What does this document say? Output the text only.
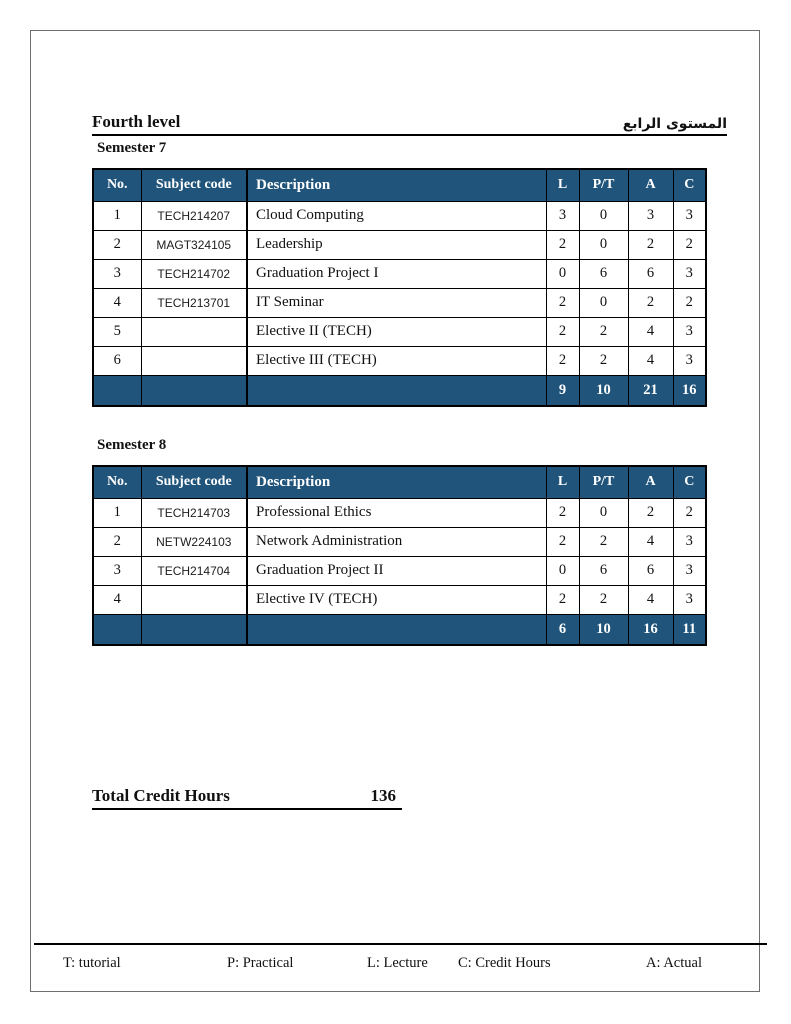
Fourth level	المستوى الرابع
Semester 7
No.	Subject code	Description	L	P/T	A	C
1	TECH214207	Cloud Computing	3	0	3	3
2	MAGT324105	Leadership	2	0	2	2
3	TECH214702	Graduation Project I	0	6	6	3
4	TECH213701	IT Seminar	2	0	2	2
5		Elective II (TECH)	2	2	4	3
6		Elective III (TECH)	2	2	4	3
			9	10	21	16
Semester 8
No.	Subject code	Description	L	P/T	A	C
1	TECH214703	Professional Ethics	2	0	2	2
2	NETW224103	Network Administration	2	2	4	3
3	TECH214704	Graduation Project II	0	6	6	3
4		Elective IV (TECH)	2	2	4	3
			6	10	16	11
Total Credit Hours	136
T: tutorial	P: Practical	L: Lecture C: Credit Hours	A: Actual
